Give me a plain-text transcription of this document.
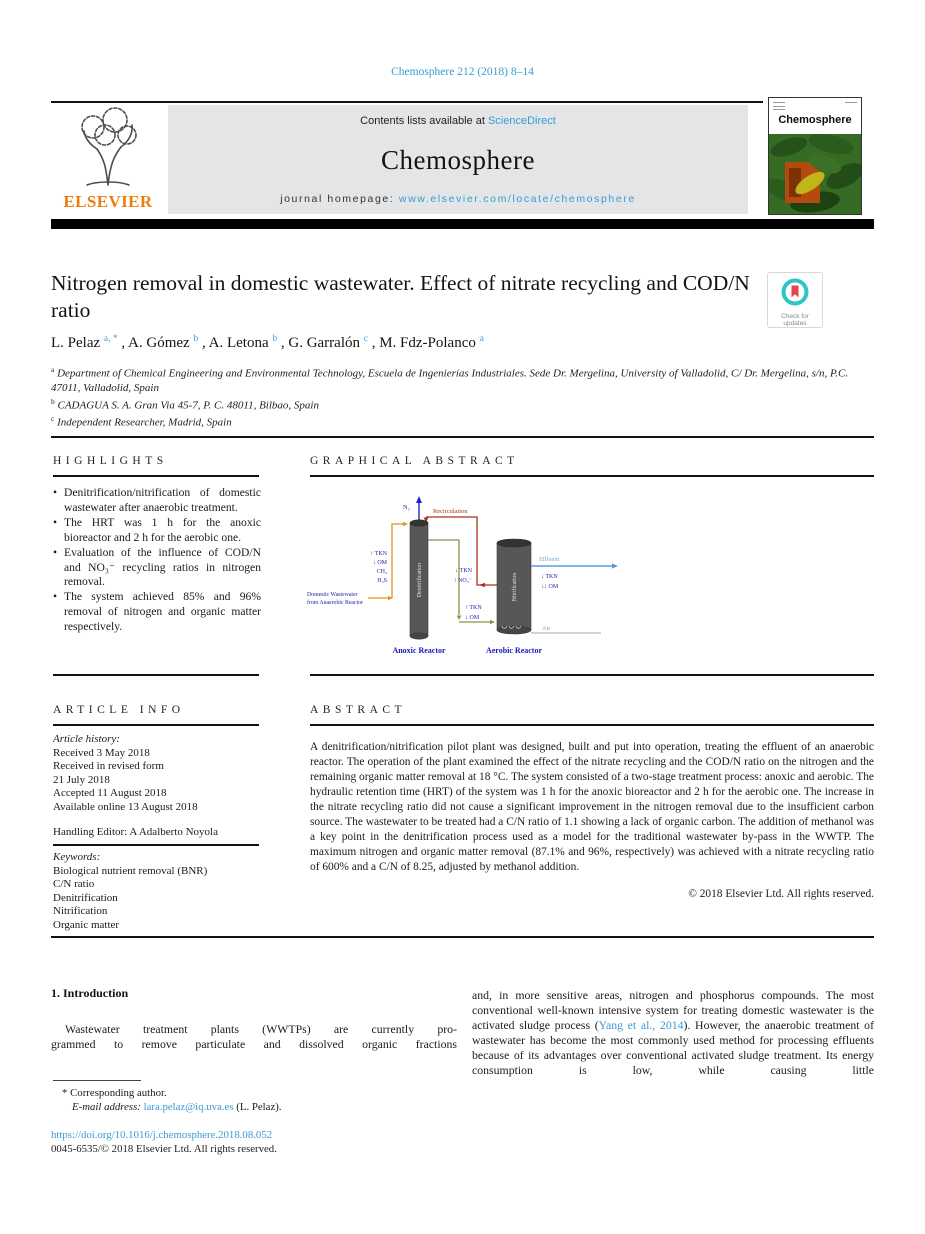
Chemosphere 212 (2018) 8–14
ELSEVIER
Contents lists available at ScienceDirect
Chemosphere
journal homepage: www.elsevier.com/locate/chemosphere
Chemosphere
Nitrogen removal in domestic wastewater. Effect of nitrate recycling and COD/N ratio	Check for
updates
L. Pelaz $^{a, *}$ , A. Gómez $^b$ , A. Letona $^b$ , G. Garralón $^c$ , M. Fdz-Polanco $^a$

$^a$ Department of Chemical Engineering and Environmental Technology, Escuela de Ingenierías Industriales. Sede Dr. Mergelina, University of Valladolid, C/ Dr. Mergelina, s/n, P.C. 47011, Valladolid, Spain

$^b$ CADAGUA S. A. Gran Via 45-7, P. C. 48011, Bilbao, Spain

$^c$ Independent Researcher, Madrid, Spain

HIGHLIGHTS

• Denitrification/nitrification of domestic wastewater after anaerobic treatment.

• The HRT was 1 h for the anoxic bioreactor and 2 h for the aerobic one.

• Evaluation of the influence of COD/N and NO₃⁻ recycling ratios in nitrogen removal.

• The system achieved 85% and 96% removal of nitrogen and organic matter respectively.

GRAPHICAL ABSTRACT
Recirculation
N₂
Denitrification	Nitrification
Air
Effluent
↑ TKN
↓ OM
CH₄
H₂S
↓ TKN
↑ NO₃⁻
↑ TKN
↓ OM
↓ TKN
↓↓ OM
Domestic Wastewater
from Anaerobic Reactor
Anoxic Reactor	Aerobic Reactor
ARTICLE INFO
Article history:
Received 3 May 2018
Received in revised form
21 July 2018
Accepted 11 August 2018
Available online 13 August 2018
Handling Editor: A Adalberto Noyola
Keywords:
Biological nutrient removal (BNR)
C/N ratio
Denitrification
Nitrification
Organic matter
ABSTRACT
A denitrification/nitrification pilot plant was designed, built and put into operation, treating the effluent of an anaerobic reactor. The operation of the plant examined the effect of the nitrate recycling and the COD/N ratio on the nitrogen and the remaining organic matter removal at 18 °C. The system consisted of a two-stage treatment process: anoxic and aerobic. The hydraulic retention time (HRT) of the system was 1 h for the anoxic bioreactor and 2 h for the aerobic one. The increase in the nitrate recycling ratio did not cause a significant improvement in the nitrogen removal due to the insufficient carbon source. The wastewater to be treated had a C/N ratio of 1.1 showing a lack of organic carbon. The addition of methanol was a key point in the denitrification process used as a model for the traditional wastewater by-pass in the WWTP. The maximum nitrogen and organic matter removal (87.1% and 96%, respectively) was achieved with a nitrate recycling ratio of 600% and a C/N of 8.25, adjusted by methanol addition.
© 2018 Elsevier Ltd. All rights reserved.
1. Introduction
Wastewater treatment plants (WWTPs) are currently pro-
grammed to remove particulate and dissolved organic fractions
and, in more sensitive areas, nitrogen and phosphorus compounds. The most conventional well-known intensive system for treating domestic wastewater is the activated sludge process (Yang et al., 2014). However, the anaerobic treatment of wastewater has become the most commonly used method for processing effluents because of its advantages over conventional activated sludge treatment. Its energy consumption is low, while causing little
* Corresponding author.
E-mail address: lara.pelaz@iq.uva.es (L. Pelaz).
https://doi.org/10.1016/j.chemosphere.2018.08.052
0045-6535/© 2018 Elsevier Ltd. All rights reserved.
